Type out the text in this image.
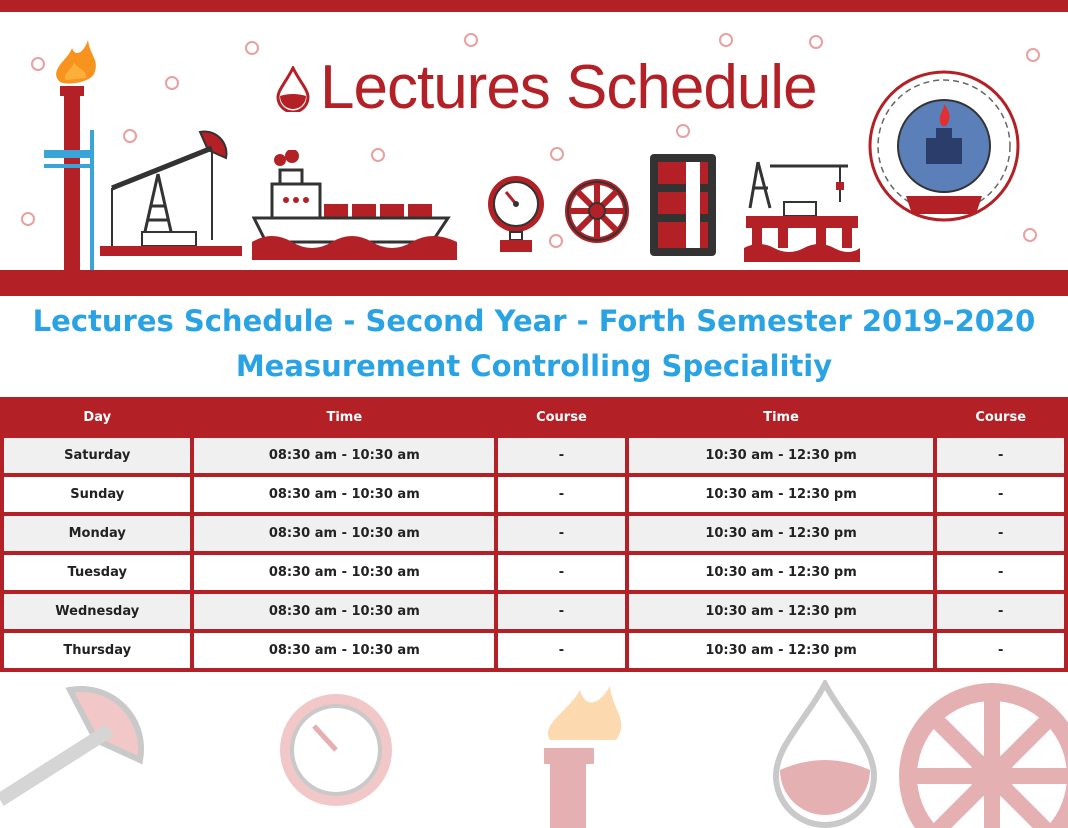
Lectures Schedule
Lectures Schedule - Second Year - Forth Semester 2019-2020
Measurement Controlling Specialitiy
Day	Time	Course	Time	Course
Saturday	08:30 am - 10:30 am	-	10:30 am - 12:30 pm	-
Sunday	08:30 am - 10:30 am	-	10:30 am - 12:30 pm	-
Monday	08:30 am - 10:30 am	-	10:30 am - 12:30 pm	-
Tuesday	08:30 am - 10:30 am	-	10:30 am - 12:30 pm	-
Wednesday	08:30 am - 10:30 am	-	10:30 am - 12:30 pm	-
Thursday	08:30 am - 10:30 am	-	10:30 am - 12:30 pm	-
